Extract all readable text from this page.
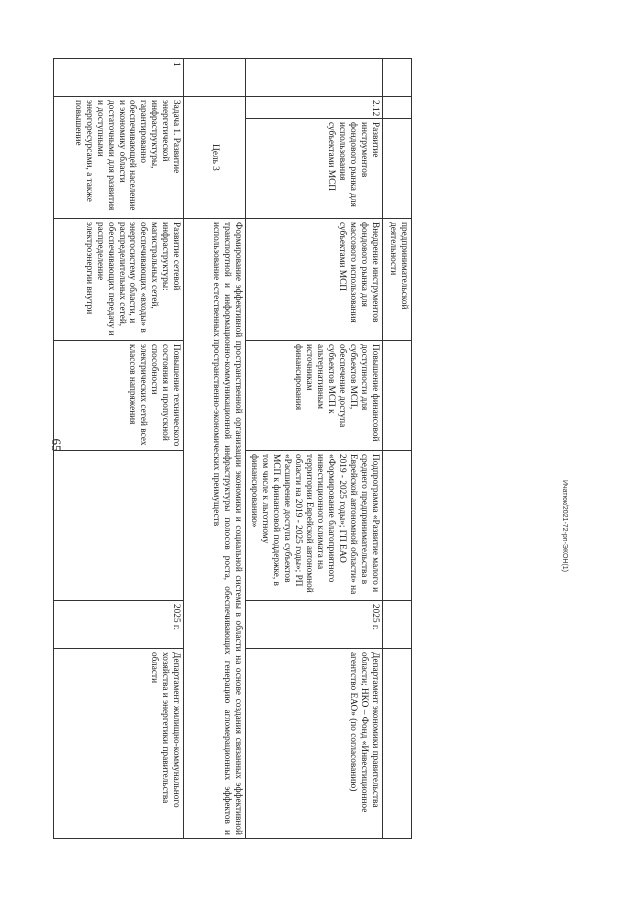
65
			предпринимательской деятельности				
	2.12	Развитие инструментов фондового рынка для использования субъектами МСП	Внедрение инструментов фондового рынка для массового использования субъектами МСП	Повышение финансовой доступности для субъектов МСП, обеспечение доступа субъектов МСП к альтернативным источникам финансирования	Подпрограмма «Развитие малого и среднего предпринимательства в Еврейской автономной области» на 2019 - 2025 годы»; ГП ЕАО «Формирование благоприятного инвестиционного климата на территории Еврейской автономной области на 2019 - 2025 годы»; РП «Расширение доступа субъектов МСП к финансовой поддержке, в том числе к льготному финансированию»	2025 г.	Департамент экономики правительства области; НКО – Фонд «Инвестиционное агентство ЕАО» (по согласованию)
	Цель 3		Формирование эффективной пространственной организации экономики и социальной системы в области на основе создания связанных эффективной транспортной и информационно-коммуникационной инфраструктуры полосов роста, обеспечивающих генерацию агломерационных эффектов и использование естественных пространственно-экономических преимуществ				
1	Задача 1. Развитие энергетической инфраструктуры, гарантированно обеспечивающей население и экономику области достаточными для развития и доступными энергоресурсами, а также повышение		Развитие сетевой инфраструктуры: магистральных сетей, обеспечивающих «входы» в энергосистему области, и распределительных сетей, обеспечивающих передачу и распределение электроэнергии внутри	Повышение технического состояния и пропускной способности электрических сетей всех классов напряжения		2025 г.	Департамент жилищно-коммунального хозяйства и энергетики правительства области
Ичатюк/2021-72-рп-ЭКОН(1)
